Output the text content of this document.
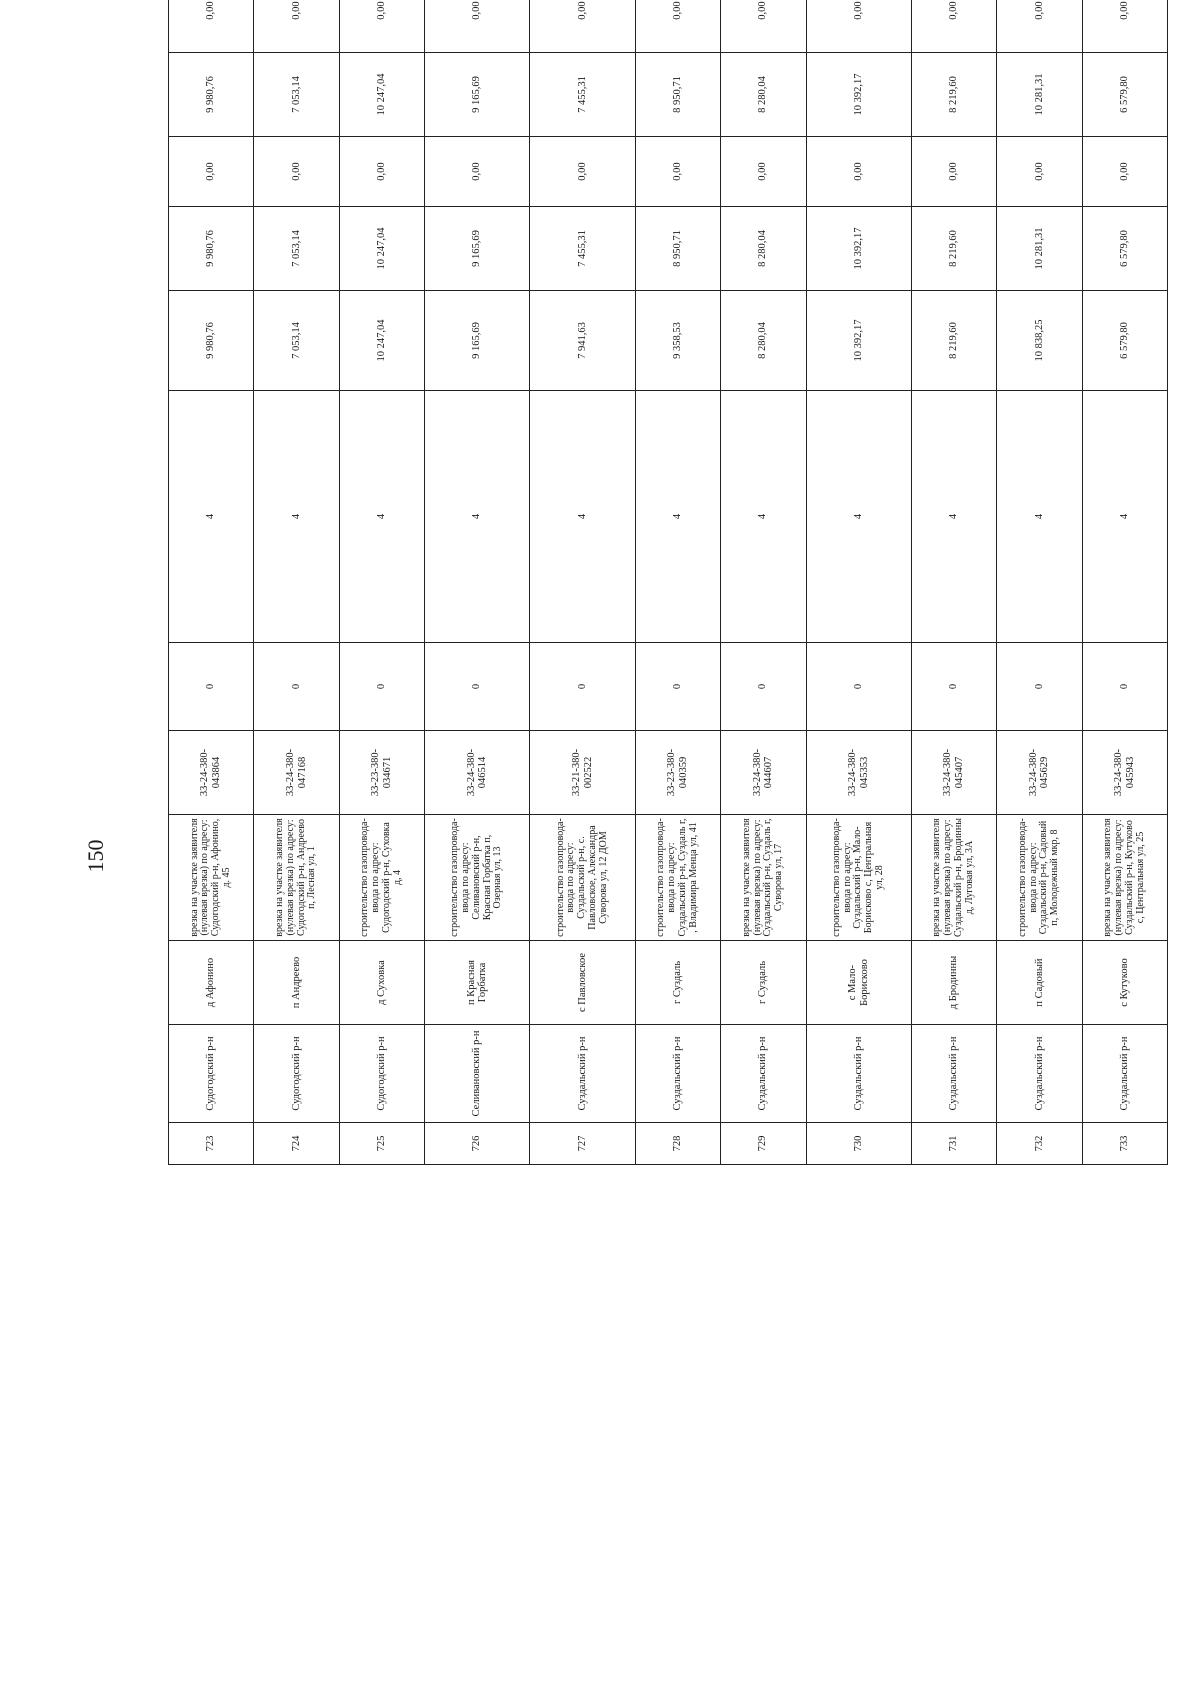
150
723	Судогодский р-н	д Афонино	врезка на участке заявителя (нулевая врезка) по адресу: Судогодский р-н, Афонино, д. 45	33-24-380-043864	0	4	9 980,76	9 980,76	0,00	9 980,76	0,00	
724	Судогодский р-н	п Андреево	врезка на участке заявителя (нулевая врезка) по адресу: Судогодский р-н, Андреево п, Лесная ул, 1	33-24-380-047168	0	4	7 053,14	7 053,14	0,00	7 053,14	0,00	
725	Судогодский р-н	д Суховка	строительство газопровода-ввода по адресу: Судогодский р-н, Суховка д, 4	33-23-380-034671	0	4	10 247,04	10 247,04	0,00	10 247,04	0,00	
726	Селивановский р-н	п Красная Горбатка	строительство газопровода-ввода по адресу: Селивановский р-н, Красная Горбатка п, Озерная ул, 13	33-24-380-046514	0	4	9 165,69	9 165,69	0,00	9 165,69	0,00	
727	Суздальский р-н	с Павловское	строительство газопровода-ввода по адресу: Суздальский р-н, с. Павловское, Александра Суворова ул, 12 ДОМ	33-21-380-002522	0	4	7 941,63	7 455,31	0,00	7 455,31	0,00	
728	Суздальский р-н	г Суздаль	строительство газопровода-ввода по адресу: Суздальский р-н, Суздаль г, , Владимира Менца ул, 41	33-23-380-040359	0	4	9 358,53	8 950,71	0,00	8 950,71	0,00	
729	Суздальский р-н	г Суздаль	врезка на участке заявителя (нулевая врезка) по адресу: Суздальский р-н, Суздаль г, Суворова ул, 17	33-24-380-044607	0	4	8 280,04	8 280,04	0,00	8 280,04	0,00	
730	Суздальский р-н	с Мало-Борисково	строительство газопровода-ввода по адресу: Суздальский р-н, Мало-Борисково с, Центральная ул, 28	33-24-380-045353	0	4	10 392,17	10 392,17	0,00	10 392,17	0,00	
731	Суздальский р-н	д Бродинны	врезка на участке заявителя (нулевая врезка) по адресу: Суздальский р-н, Бродинны д, Луговая ул, 3А	33-24-380-045407	0	4	8 219,60	8 219,60	0,00	8 219,60	0,00	
732	Суздальский р-н	п Садовый	строительство газопровода-ввода по адресу: Суздальский р-н, Садовый п, Молодежный мкр, 8	33-24-380-045629	0	4	10 838,25	10 281,31	0,00	10 281,31	0,00	
733	Суздальский р-н	с Кутуково	врезка на участке заявителя (нулевая врезка) по адресу: Суздальский р-н, Кутуково с, Центральная ул, 25	33-24-380-045943	0	4	6 579,80	6 579,80	0,00	6 579,80	0,00	
